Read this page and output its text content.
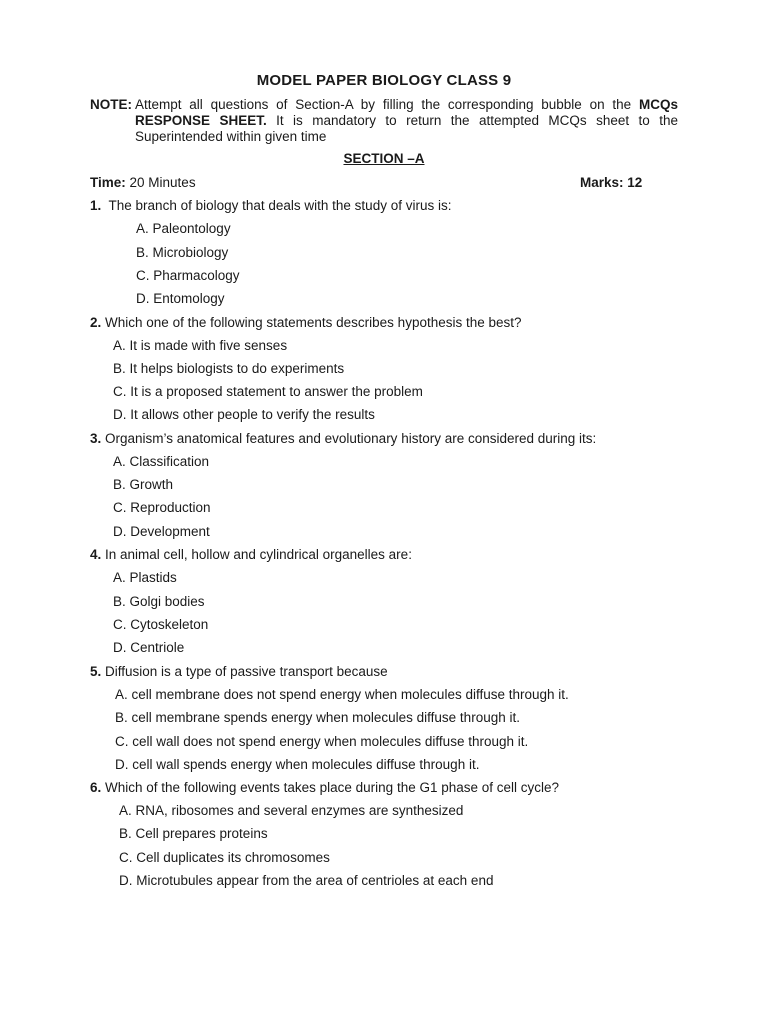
MODEL PAPER BIOLOGY CLASS 9
NOTE: Attempt all questions of Section-A by filling the corresponding bubble on the MCQs RESPONSE SHEET. It is mandatory to return the attempted MCQs sheet to the Superintended within given time
SECTION –A
Time: 20 Minutes	Marks: 12
1. The branch of biology that deals with the study of virus is:
A. Paleontology
B. Microbiology
C. Pharmacology
D. Entomology
2. Which one of the following statements describes hypothesis the best?
A. It is made with five senses
B. It helps biologists to do experiments
C. It is a proposed statement to answer the problem
D. It allows other people to verify the results
3. Organism’s anatomical features and evolutionary history are considered during its:
A. Classification
B. Growth
C. Reproduction
D. Development
4. In animal cell, hollow and cylindrical organelles are:
A. Plastids
B. Golgi bodies
C. Cytoskeleton
D. Centriole
5. Diffusion is a type of passive transport because
A. cell membrane does not spend energy when molecules diffuse through it.
B. cell membrane spends energy when molecules diffuse through it.
C. cell wall does not spend energy when molecules diffuse through it.
D. cell wall spends energy when molecules diffuse through it.
6. Which of the following events takes place during the G1 phase of cell cycle?
A. RNA, ribosomes and several enzymes are synthesized
B. Cell prepares proteins
C. Cell duplicates its chromosomes
D. Microtubules appear from the area of centrioles at each end
